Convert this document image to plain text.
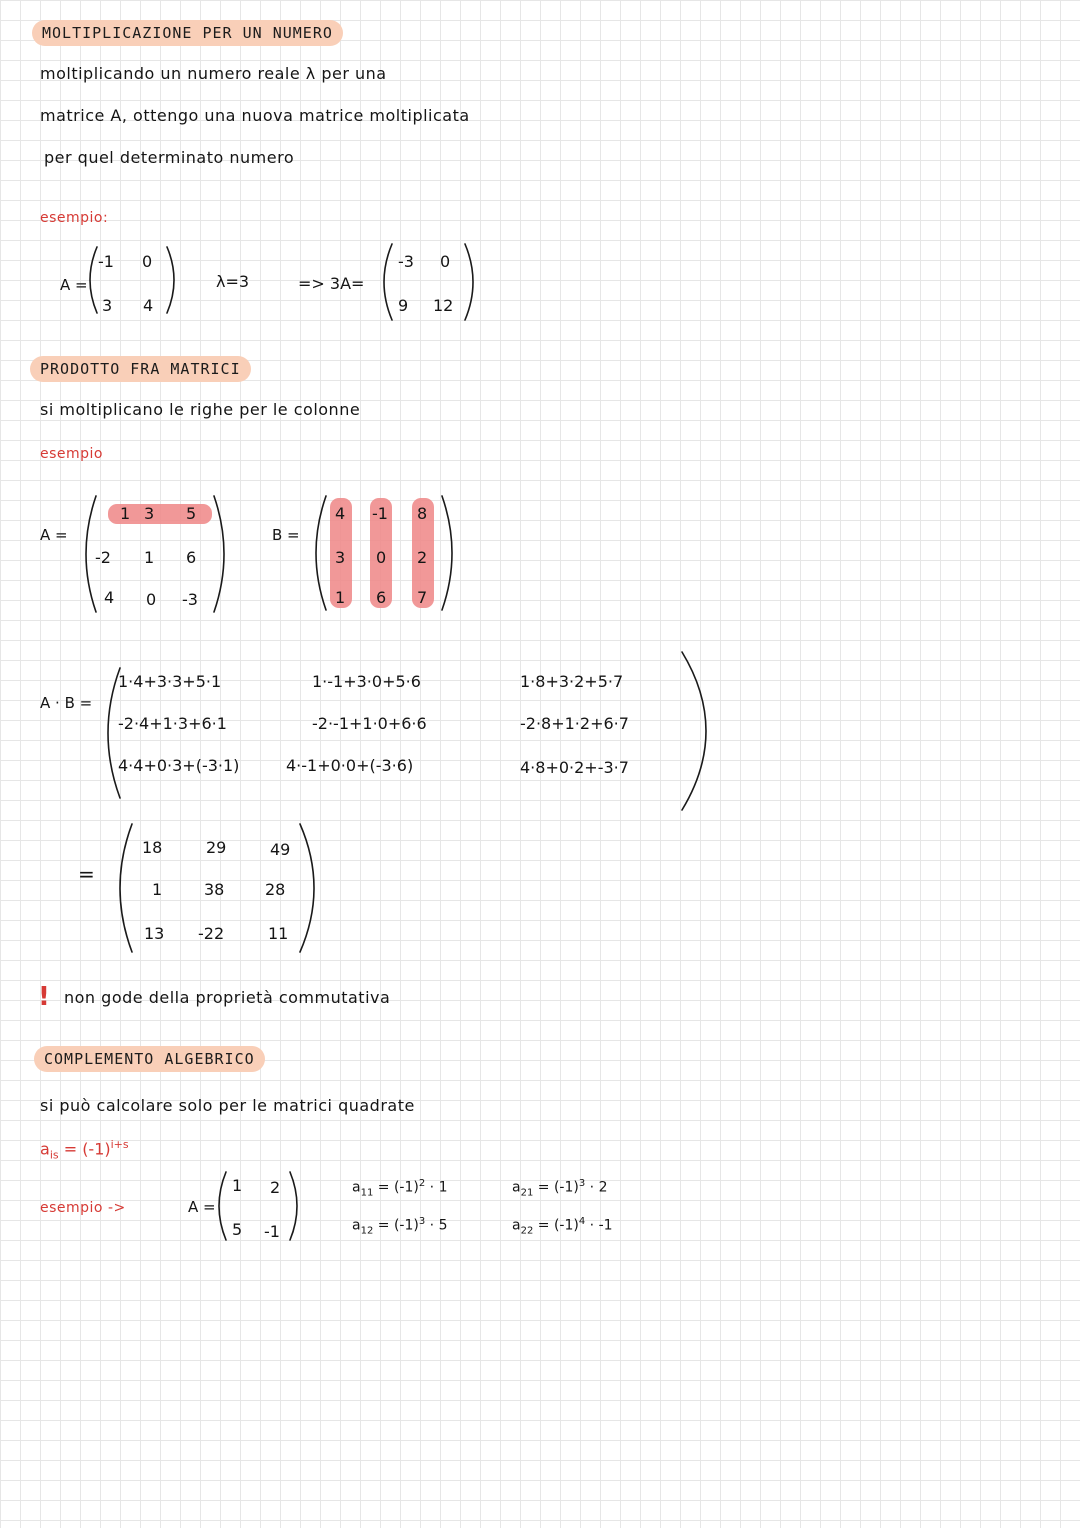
MOLTIPLICAZIONE PER UN NUMERO
moltiplicando un numero reale λ per una
matrice A, ottengo una nuova matrice moltiplicata
per quel determinato numero
esempio:
A =
-1 0
3 4
λ=3	=> 3A=
-3 0
9 12
PRODOTTO FRA MATRICI
si moltiplicano le righe per le colonne
esempio
A =
1 3 5
-2 1 6
4 0 -3
B =
4 -1 8
3 0 2
1 6 7
A · B =
1·4+3·3+5·1	1·-1+3·0+5·6	1·8+3·2+5·7
-2·4+1·3+6·1	-2·-1+1·0+6·6	-2·8+1·2+6·7
4·4+0·3+(-3·1)	4·-1+0·0+(-3·6)	4·8+0·2+-3·7
=
18	29	49
1	38	28
13 -22	11
! non gode della proprietà commutativa
COMPLEMENTO ALGEBRICO
si può calcolare solo per le matrici quadrate
$a_{is} = (-1)^{i+s}$
esempio ->	A =
1 2
5 -1
$a_{11} = (-1)^2 \cdot 1$
$a_{12} = (-1)^3 \cdot 5$
$a_{21} = (-1)^3 \cdot 2$
$a_{22} = (-1)^4 \cdot -1$
